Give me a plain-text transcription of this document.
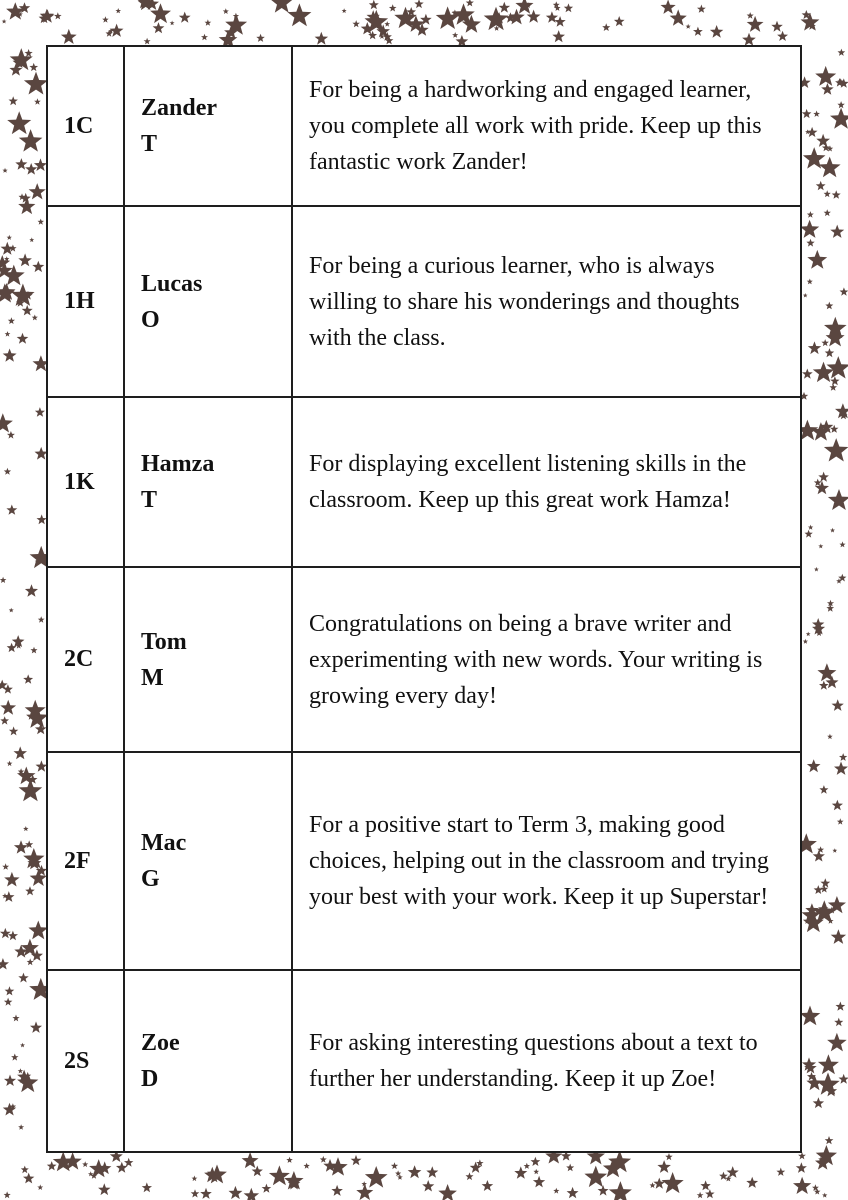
1C
Zander
T
For being a hardworking and engaged learner, you complete all work with pride. Keep up this fantastic work Zander!
1H
Lucas
O
For being a curious learner, who is always willing to share his wonderings and thoughts with the class.
1K
Hamza
T
For displaying excellent listening skills in the classroom. Keep up this great work Hamza!
2C
Tom
M
Congratulations on being a brave writer and experimenting with new words. Your writing is growing every day!
2F
Mac
G
For a positive start to Term 3, making good choices, helping out in the classroom and trying your best with your work. Keep it up Superstar!
2S
Zoe
D
For asking interesting questions about a text to further her understanding. Keep it up Zoe!
